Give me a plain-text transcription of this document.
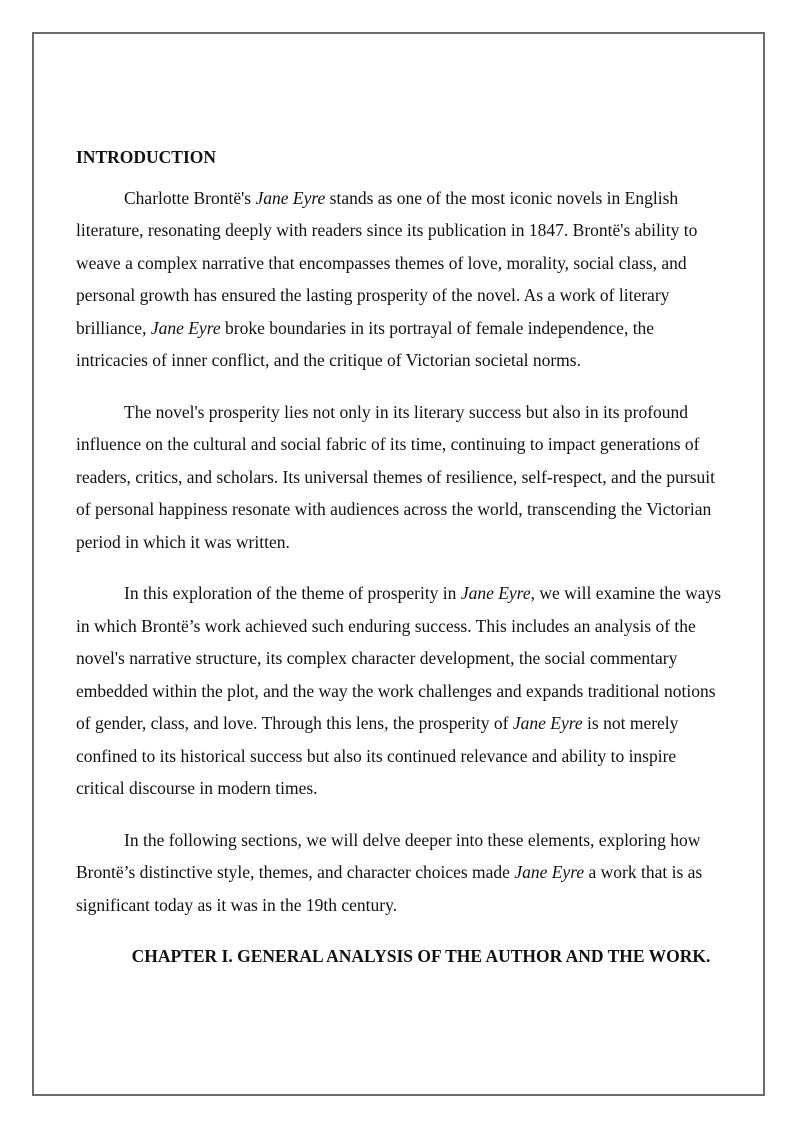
INTRODUCTION

Charlotte Brontë's Jane Eyre stands as one of the most iconic novels in English literature, resonating deeply with readers since its publication in 1847. Brontë's ability to weave a complex narrative that encompasses themes of love, morality, social class, and personal growth has ensured the lasting prosperity of the novel. As a work of literary brilliance, Jane Eyre broke boundaries in its portrayal of female independence, the intricacies of inner conflict, and the critique of Victorian societal norms.

The novel's prosperity lies not only in its literary success but also in its profound influence on the cultural and social fabric of its time, continuing to impact generations of readers, critics, and scholars. Its universal themes of resilience, self-respect, and the pursuit of personal happiness resonate with audiences across the world, transcending the Victorian period in which it was written.

In this exploration of the theme of prosperity in Jane Eyre, we will examine the ways in which Brontë’s work achieved such enduring success. This includes an analysis of the novel's narrative structure, its complex character development, the social commentary embedded within the plot, and the way the work challenges and expands traditional notions of gender, class, and love. Through this lens, the prosperity of Jane Eyre is not merely confined to its historical success but also its continued relevance and ability to inspire critical discourse in modern times.

In the following sections, we will delve deeper into these elements, exploring how Brontë’s distinctive style, themes, and character choices made Jane Eyre a work that is as significant today as it was in the 19th century.

CHAPTER I. GENERAL ANALYSIS OF THE AUTHOR AND THE WORK.
